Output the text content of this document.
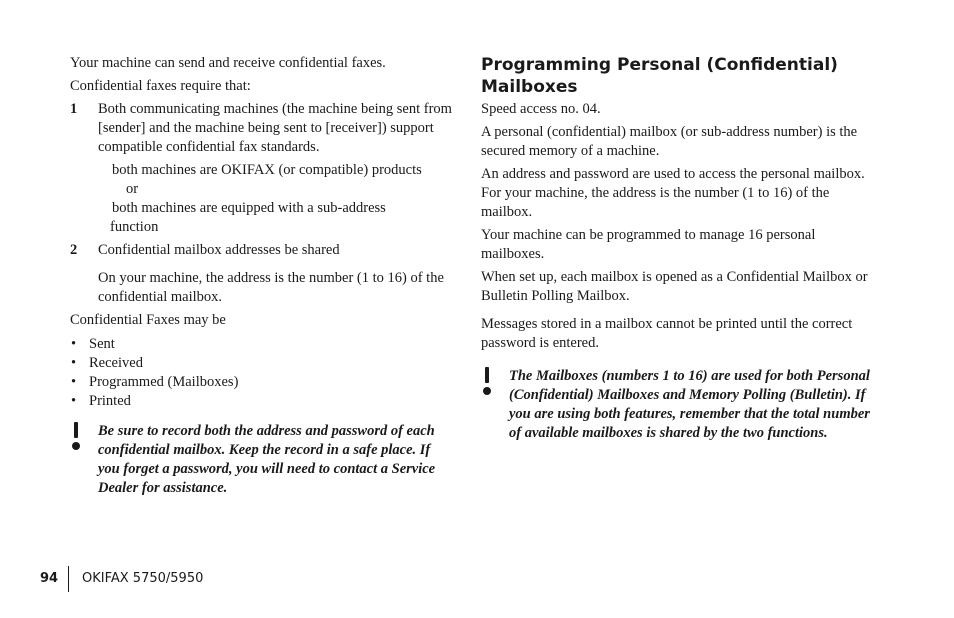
Your machine can send and receive confidential faxes.

Confidential faxes require that:

1 Both communicating machines (the machine being sent from [sender] and the machine being sent to [receiver]) support compatible confidential fax standards.

both machines are OKIFAX (or compatible) products

or

both machines are equipped with a sub-address

function

2 Confidential mailbox addresses be shared

On your machine, the address is the number (1 to 16) of the confidential mailbox.

Confidential Faxes may be

• Sent
• Received
• Programmed (Mailboxes)
• Printed

Be sure to record both the address and password of each confidential mailbox. Keep the record in a safe place. If you forget a password, you will need to contact a Service Dealer for assistance.

Programming Personal (Confidential) Mailboxes

Speed access no. 04.

A personal (confidential) mailbox (or sub-address number) is the secured memory of a machine.

An address and password are used to access the personal mailbox. For your machine, the address is the number (1 to 16) of the mailbox.

Your machine can be programmed to manage 16 personal mailboxes.

When set up, each mailbox is opened as a Confidential Mailbox or Bulletin Polling Mailbox.

Messages stored in a mailbox cannot be printed until the correct password is entered.

The Mailboxes (numbers 1 to 16) are used for both Personal (Confidential) Mailboxes and Memory Polling (Bulletin). If you are using both features, remember that the total number of available mailboxes is shared by the two functions.

94 OKIFAX 5750/5950
